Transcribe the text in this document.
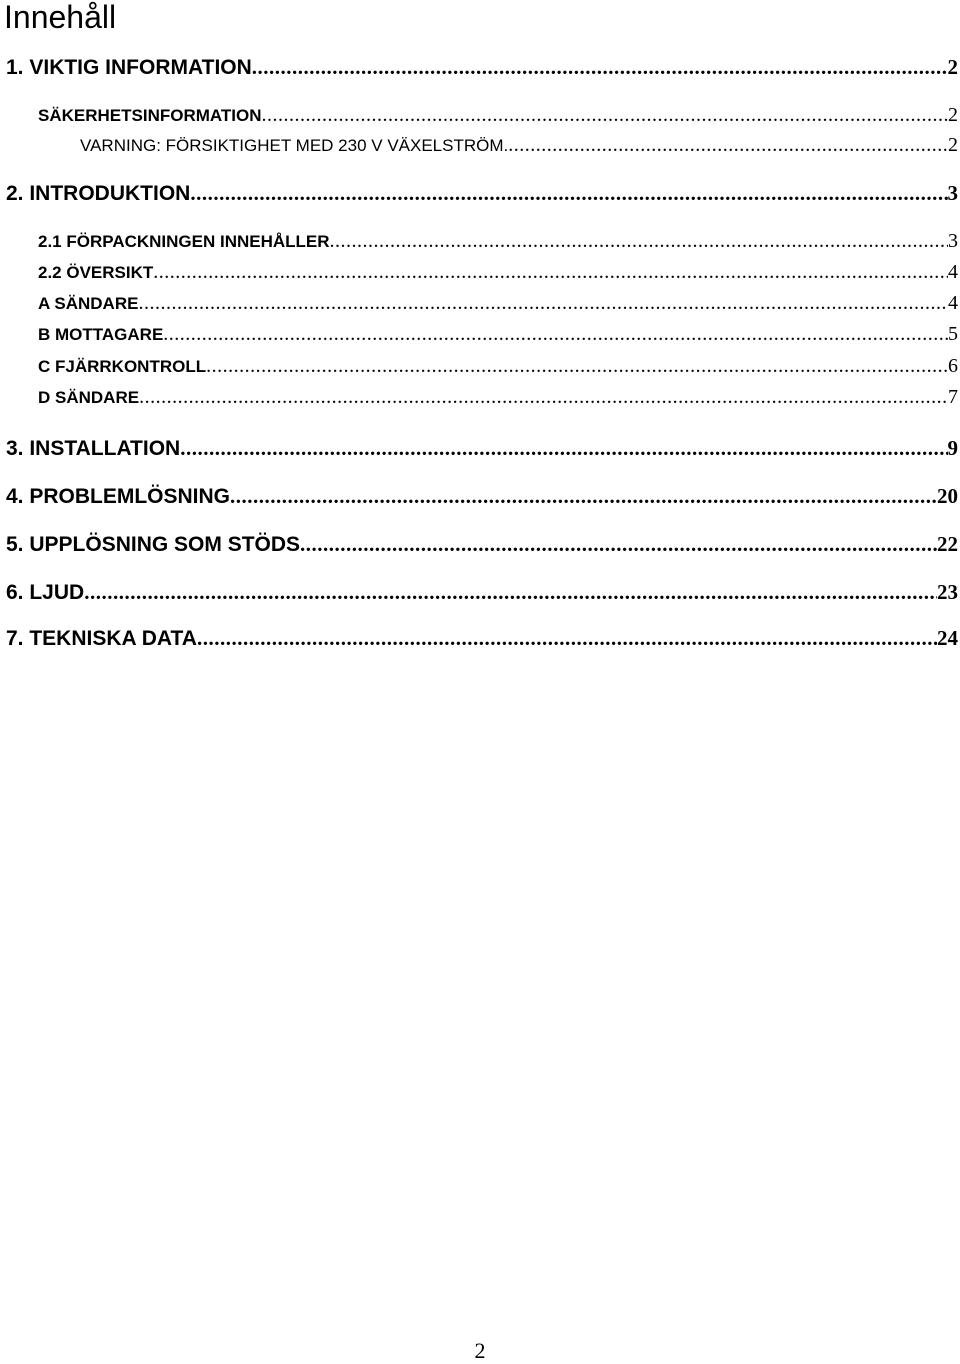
Innehåll
1. VIKTIG INFORMATION .....	2
SÄKERHETSINFORMATION .....	2
VARNING: FÖRSIKTIGHET MED 230 V VÄXELSTRÖM. .....	2
2. INTRODUKTION .....	3
2.1 FÖRPACKNINGEN INNEHÅLLER .....	3
2.2 ÖVERSIKT .....	4
A SÄNDARE .....	4
B MOTTAGARE .....	5
C FJÄRRKONTROLL .....	6
D SÄNDARE .....	7
3. INSTALLATION .....	9
4. PROBLEMLÖSNING .....	20
5. UPPLÖSNING SOM STÖDS .....	22
6. LJUD .....	23
7. TEKNISKA DATA .....	24
2
